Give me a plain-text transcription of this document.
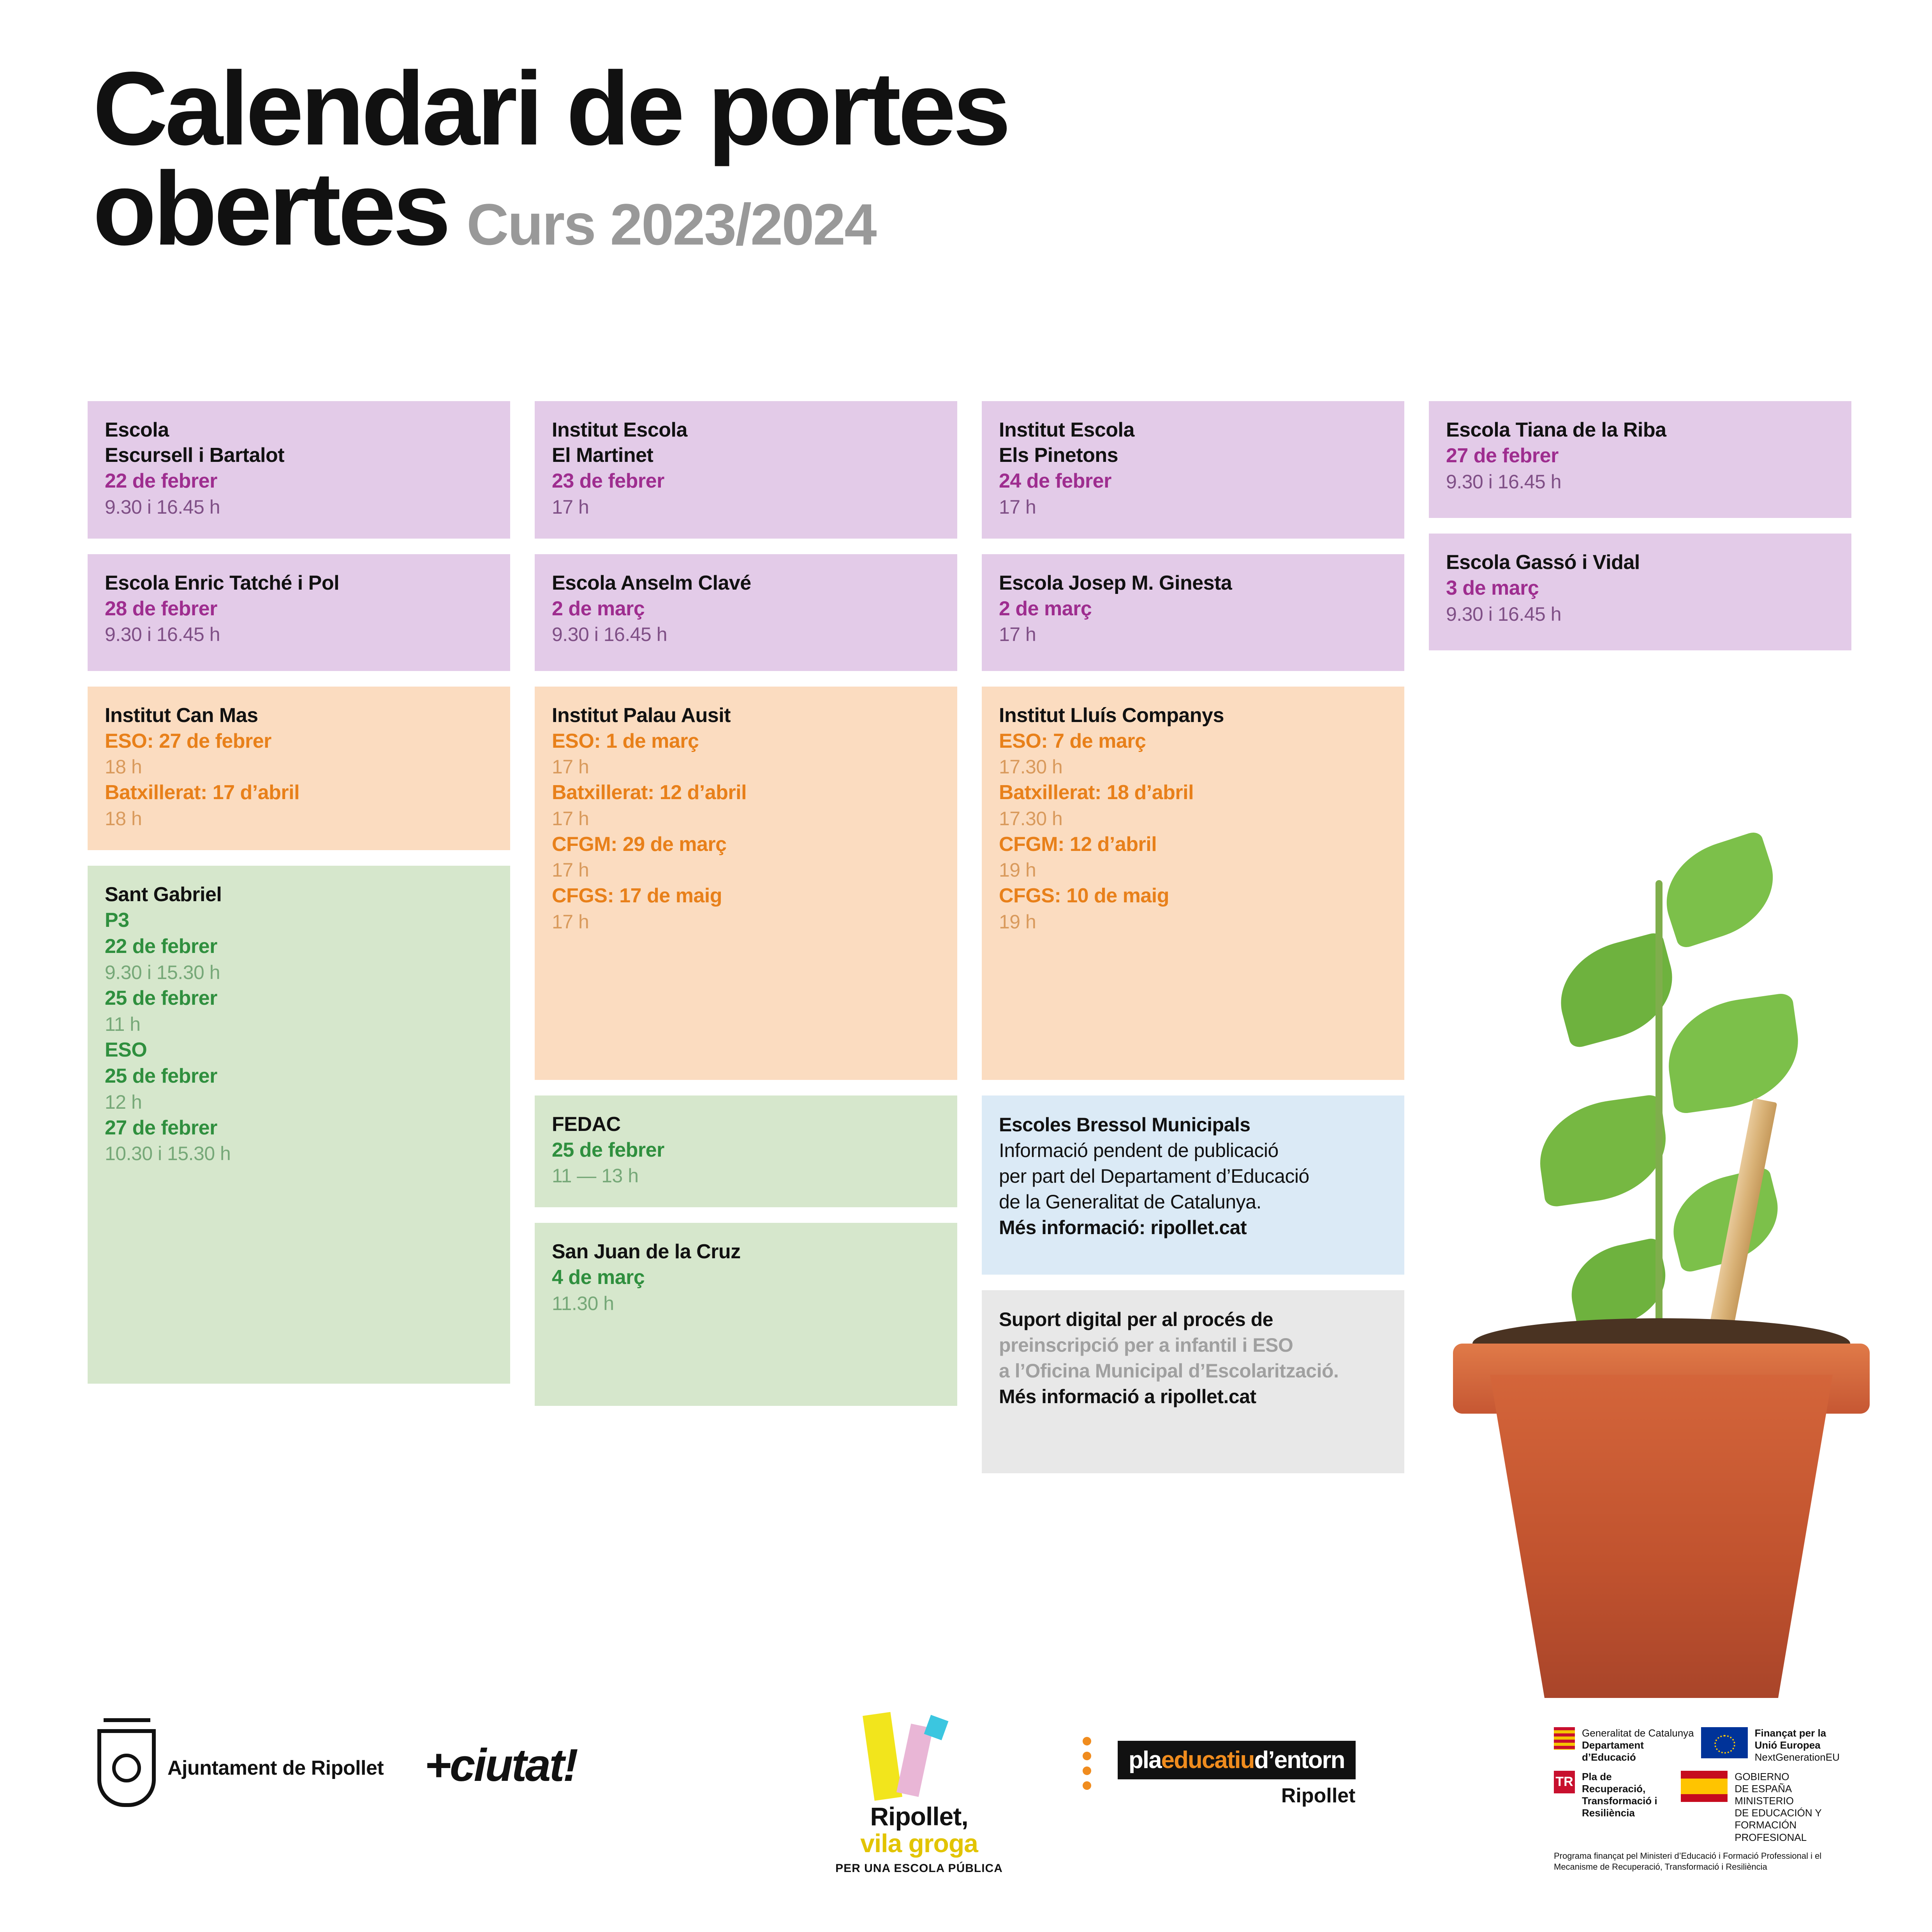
Calendari de portes
obertes Curs 2023/2024
Escola
Escursell i Bartalot
22 de febrer
9.30 i 16.45 h
Escola Enric Tatché i Pol
28 de febrer
9.30 i 16.45 h
Institut Can Mas
ESO: 27 de febrer
18 h
Batxillerat: 17 d’abril
18 h
Sant Gabriel
P3
22 de febrer
9.30 i 15.30 h
25 de febrer
11 h
ESO
25 de febrer
12 h
27 de febrer
10.30 i 15.30 h
Institut Escola
El Martinet
23 de febrer
17 h
Escola Anselm Clavé
2 de març
9.30 i 16.45 h
Institut Palau Ausit
ESO: 1 de març
17 h
Batxillerat: 12 d’abril
17 h
CFGM: 29 de març
17 h
CFGS: 17 de maig
17 h
FEDAC
25 de febrer
11 — 13 h
San Juan de la Cruz
4 de març
11.30 h
Institut Escola
Els Pinetons
24 de febrer
17 h
Escola Josep M. Ginesta
2 de març
17 h
Institut Lluís Companys
ESO: 7 de març
17.30 h
Batxillerat: 18 d’abril
17.30 h
CFGM: 12 d’abril
19 h
CFGS: 10 de maig
19 h
Escoles Bressol Municipals
Informació pendent de publicació
per part del Departament d’Educació
de la Generalitat de Catalunya.
Més informació: ripollet.cat
Suport digital per al procés de
preinscripció per a infantil i ESO
a l’Oficina Municipal d’Escolarització.
Més informació a ripollet.cat
Escola Tiana de la Riba
27 de febrer
9.30 i 16.45 h
Escola Gassó i Vidal
3 de març
9.30 i 16.45 h
Ajuntament de Ripollet +ciutat!
Ripollet,
vila groga
PER UNA ESCOLA PÚBLICA
plaeducatiud’entorn
Ripollet
Generalitat de Catalunya
Departament
d’Educació
Finançat per la
Unió Europea
NextGenerationEU
TR Pla de Recuperació,
Transformació i
Resiliència
GOBIERNO
DE ESPAÑA
MINISTERIO
DE EDUCACIÓN Y
FORMACIÓN PROFESIONAL
Programa finançat pel Ministeri d’Educació i Formació Professional i el
Mecanisme de Recuperació, Transformació i Resiliència
